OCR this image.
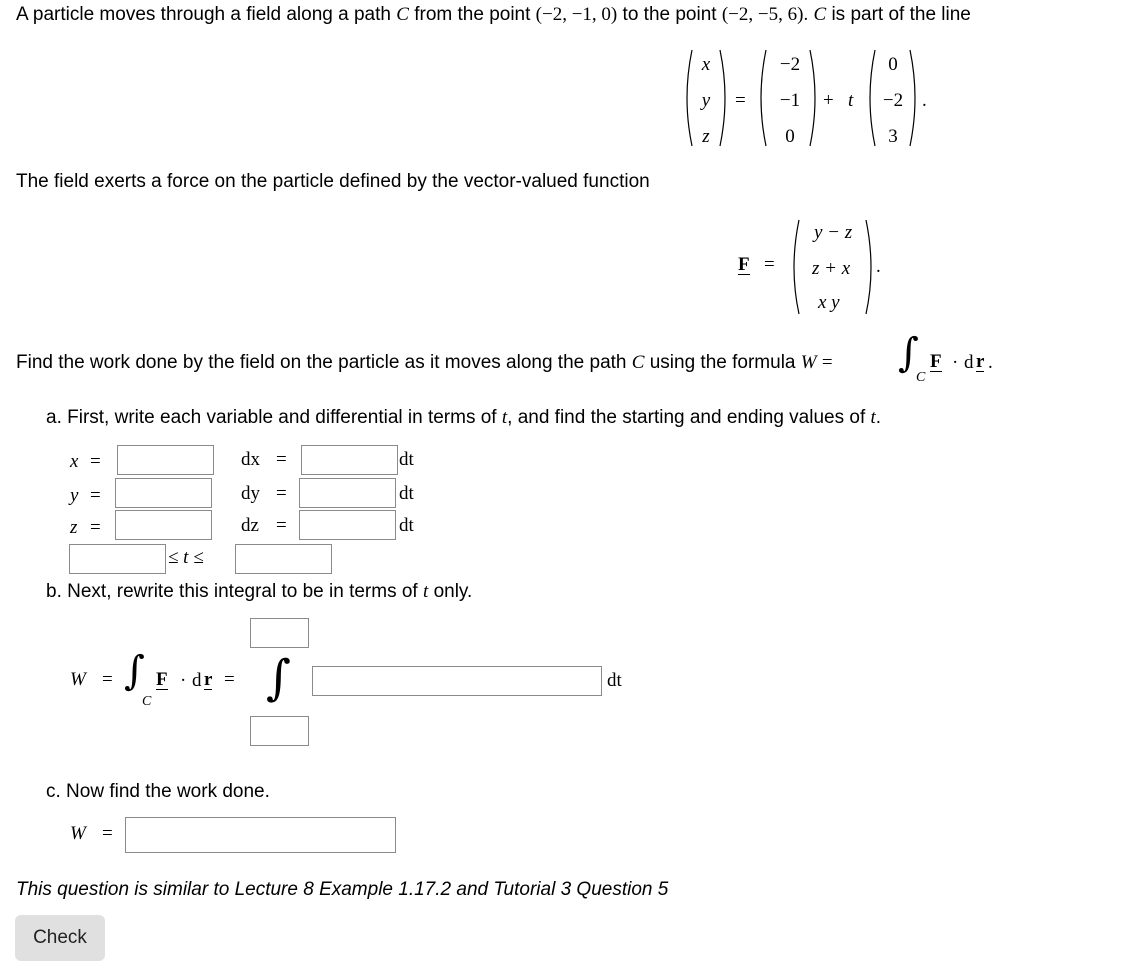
A particle moves through a field along a path C from the point (−2, −1, 0) to the point (−2, −5, 6). C is part of the line
x
y
z
=
−2
−1
0
+ t
0
−2
3
.
The field exerts a force on the particle defined by the vector-valued function
F =
y − z
z + x
x y
.
Find the work done by the field on the particle as it moves along the path C using the formula W = ∫
C
F · d r .
a. First, write each variable and differential in terms of t, and find the starting and ending values of t.
x =	dx =	dt
y =	dy =	dt
z =	dz =	dt
≤ t ≤
b. Next, rewrite this integral to be in terms of t only.
W = ∫
C
F · d r = ∫	dt
c. Now find the work done.
W =
This question is similar to Lecture 8 Example 1.17.2 and Tutorial 3 Question 5
Check
